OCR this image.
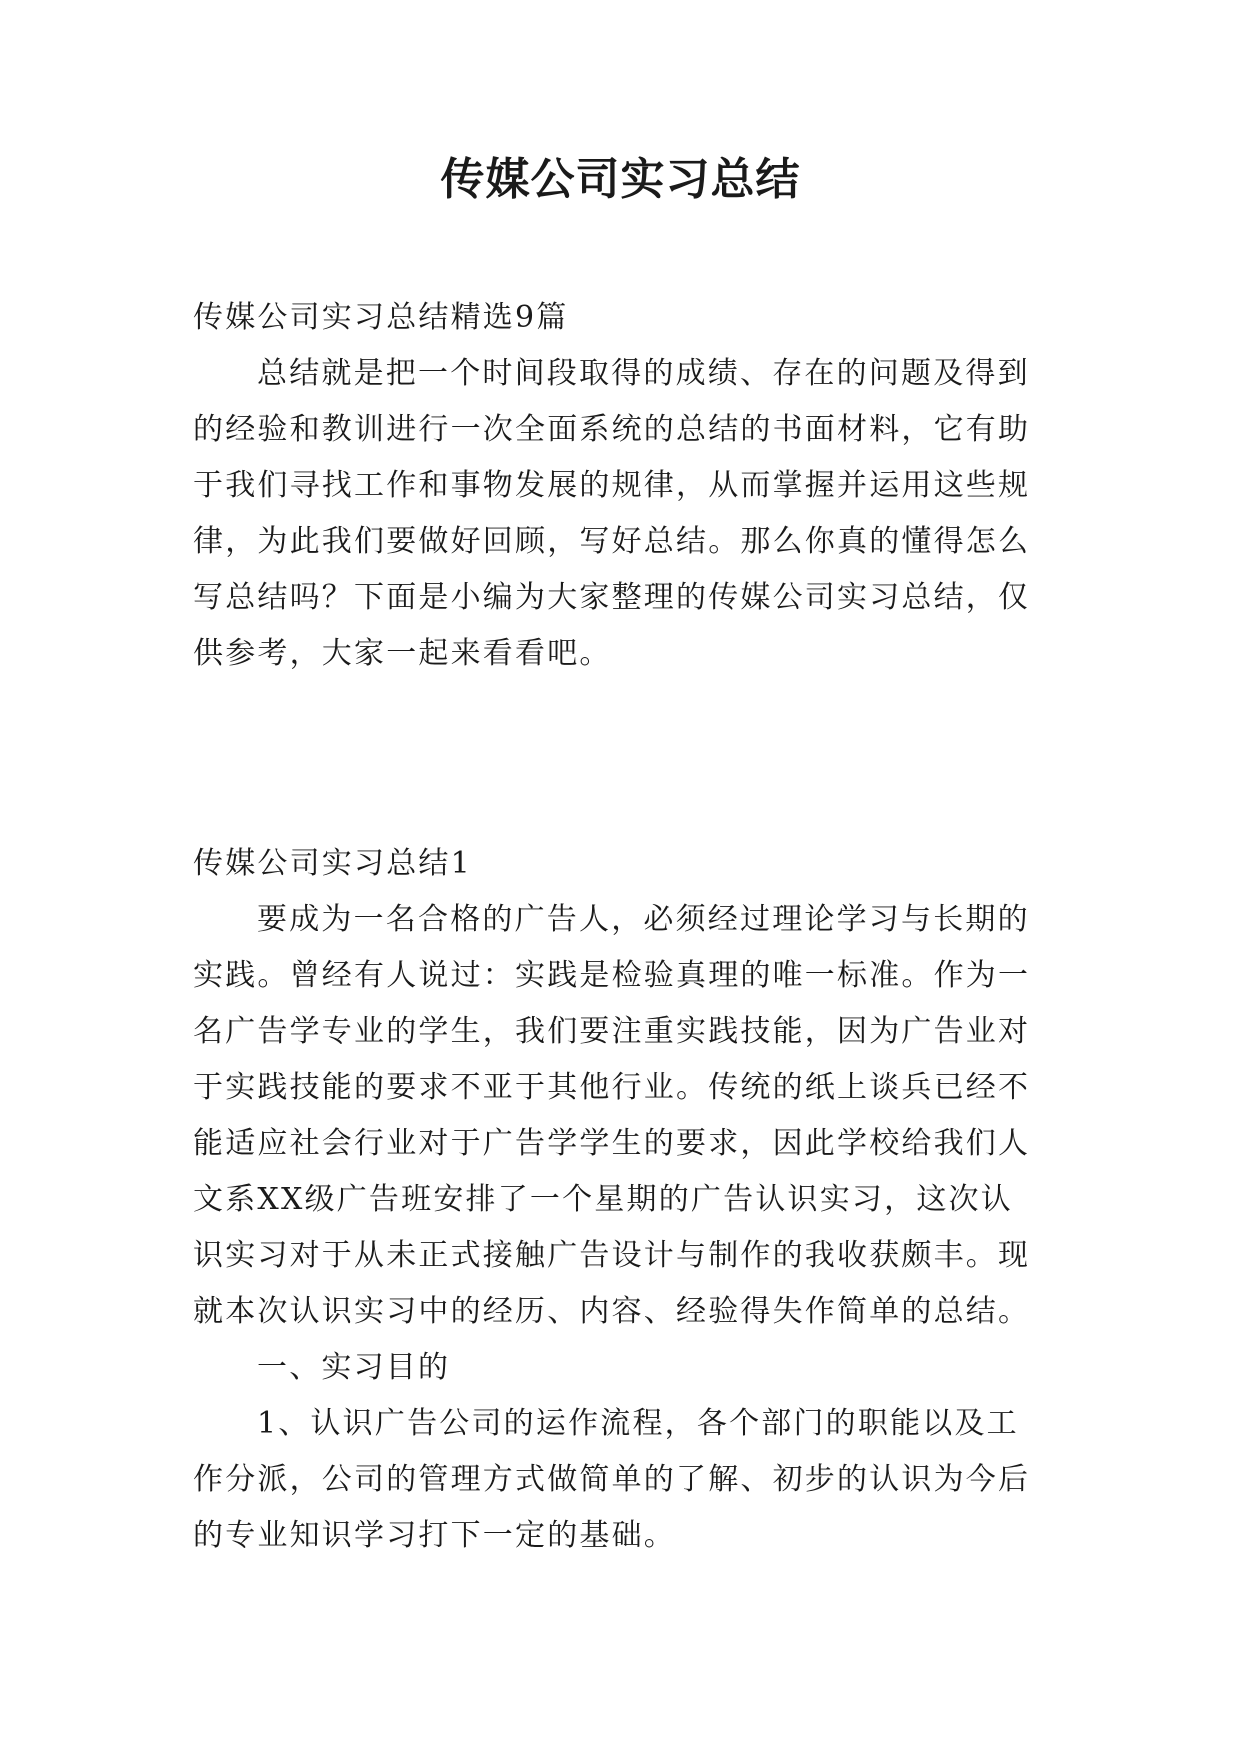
传媒公司实习总结
传媒公司实习总结精选9篇
总结就是把一个时间段取得的成绩、存在的问题及得到
的经验和教训进行一次全面系统的总结的书面材料，它有助
于我们寻找工作和事物发展的规律，从而掌握并运用这些规
律，为此我们要做好回顾，写好总结。那么你真的懂得怎么
写总结吗？下面是小编为大家整理的传媒公司实习总结，仅
供参考，大家一起来看看吧。
传媒公司实习总结1
要成为一名合格的广告人，必须经过理论学习与长期的
实践。曾经有人说过：实践是检验真理的唯一标准。作为一
名广告学专业的学生，我们要注重实践技能，因为广告业对
于实践技能的要求不亚于其他行业。传统的纸上谈兵已经不
能适应社会行业对于广告学学生的要求，因此学校给我们人
文系XX级广告班安排了一个星期的广告认识实习，这次认
识实习对于从未正式接触广告设计与制作的我收获颇丰。现
就本次认识实习中的经历、内容、经验得失作简单的总结。
一、实习目的
1、认识广告公司的运作流程，各个部门的职能以及工
作分派，公司的管理方式做简单的了解、初步的认识为今后
的专业知识学习打下一定的基础。
